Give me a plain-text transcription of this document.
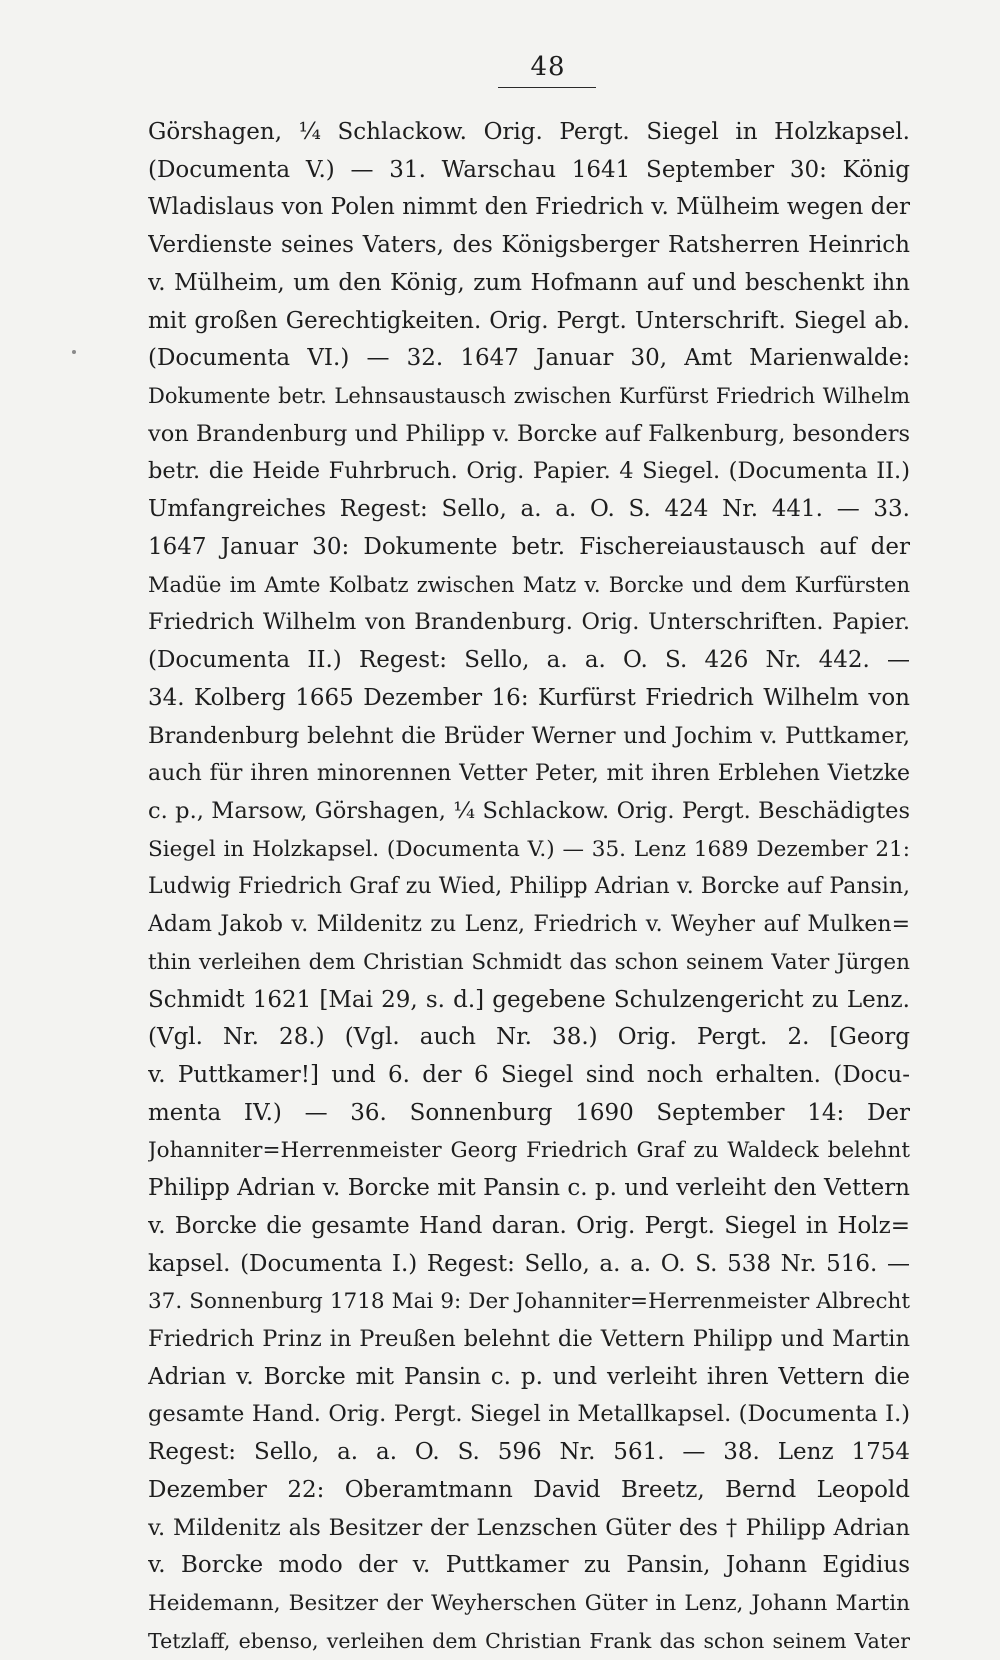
48
Görshagen, ¼ Schlackow. Orig. Pergt. Siegel in Holzkapsel.
(Documenta V.) — 31. Warschau 1641 September 30: König
Wladislaus von Polen nimmt den Friedrich v. Mülheim wegen der
Verdienste seines Vaters, des Königsberger Ratsherren Heinrich
v. Mülheim, um den König, zum Hofmann auf und beschenkt ihn
mit großen Gerechtigkeiten. Orig. Pergt. Unterschrift. Siegel ab.
(Documenta VI.) — 32. 1647 Januar 30, Amt Marienwalde:
Dokumente betr. Lehnsaustausch zwischen Kurfürst Friedrich Wilhelm
von Brandenburg und Philipp v. Borcke auf Falkenburg, besonders
betr. die Heide Fuhrbruch. Orig. Papier. 4 Siegel. (Documenta II.)
Umfangreiches Regest: Sello, a. a. O. S. 424 Nr. 441. — 33.
1647 Januar 30: Dokumente betr. Fischereiaustausch auf der
Madüe im Amte Kolbatz zwischen Matz v. Borcke und dem Kurfürsten
Friedrich Wilhelm von Brandenburg. Orig. Unterschriften. Papier.
(Documenta II.) Regest: Sello, a. a. O. S. 426 Nr. 442. —
34. Kolberg 1665 Dezember 16: Kurfürst Friedrich Wilhelm von
Brandenburg belehnt die Brüder Werner und Jochim v. Puttkamer,
auch für ihren minorennen Vetter Peter, mit ihren Erblehen Vietzke
c. p., Marsow, Görshagen, ¼ Schlackow. Orig. Pergt. Beschädigtes
Siegel in Holzkapsel. (Documenta V.) — 35. Lenz 1689 Dezember 21:
Ludwig Friedrich Graf zu Wied, Philipp Adrian v. Borcke auf Pansin,
Adam Jakob v. Mildenitz zu Lenz, Friedrich v. Weyher auf Mulken=
thin verleihen dem Christian Schmidt das schon seinem Vater Jürgen
Schmidt 1621 [Mai 29, s. d.] gegebene Schulzengericht zu Lenz.
(Vgl. Nr. 28.) (Vgl. auch Nr. 38.) Orig. Pergt. 2. [Georg
v. Puttkamer!] und 6. der 6 Siegel sind noch erhalten. (Docu-
menta IV.) — 36. Sonnenburg 1690 September 14: Der
Johanniter=Herrenmeister Georg Friedrich Graf zu Waldeck belehnt
Philipp Adrian v. Borcke mit Pansin c. p. und verleiht den Vettern
v. Borcke die gesamte Hand daran. Orig. Pergt. Siegel in Holz=
kapsel. (Documenta I.) Regest: Sello, a. a. O. S. 538 Nr. 516. —
37. Sonnenburg 1718 Mai 9: Der Johanniter=Herrenmeister Albrecht
Friedrich Prinz in Preußen belehnt die Vettern Philipp und Martin
Adrian v. Borcke mit Pansin c. p. und verleiht ihren Vettern die
gesamte Hand. Orig. Pergt. Siegel in Metallkapsel. (Documenta I.)
Regest: Sello, a. a. O. S. 596 Nr. 561. — 38. Lenz 1754
Dezember 22: Oberamtmann David Breetz, Bernd Leopold
v. Mildenitz als Besitzer der Lenzschen Güter des † Philipp Adrian
v. Borcke modo der v. Puttkamer zu Pansin, Johann Egidius
Heidemann, Besitzer der Weyherschen Güter in Lenz, Johann Martin
Tetzlaff, ebenso, verleihen dem Christian Frank das schon seinem Vater
